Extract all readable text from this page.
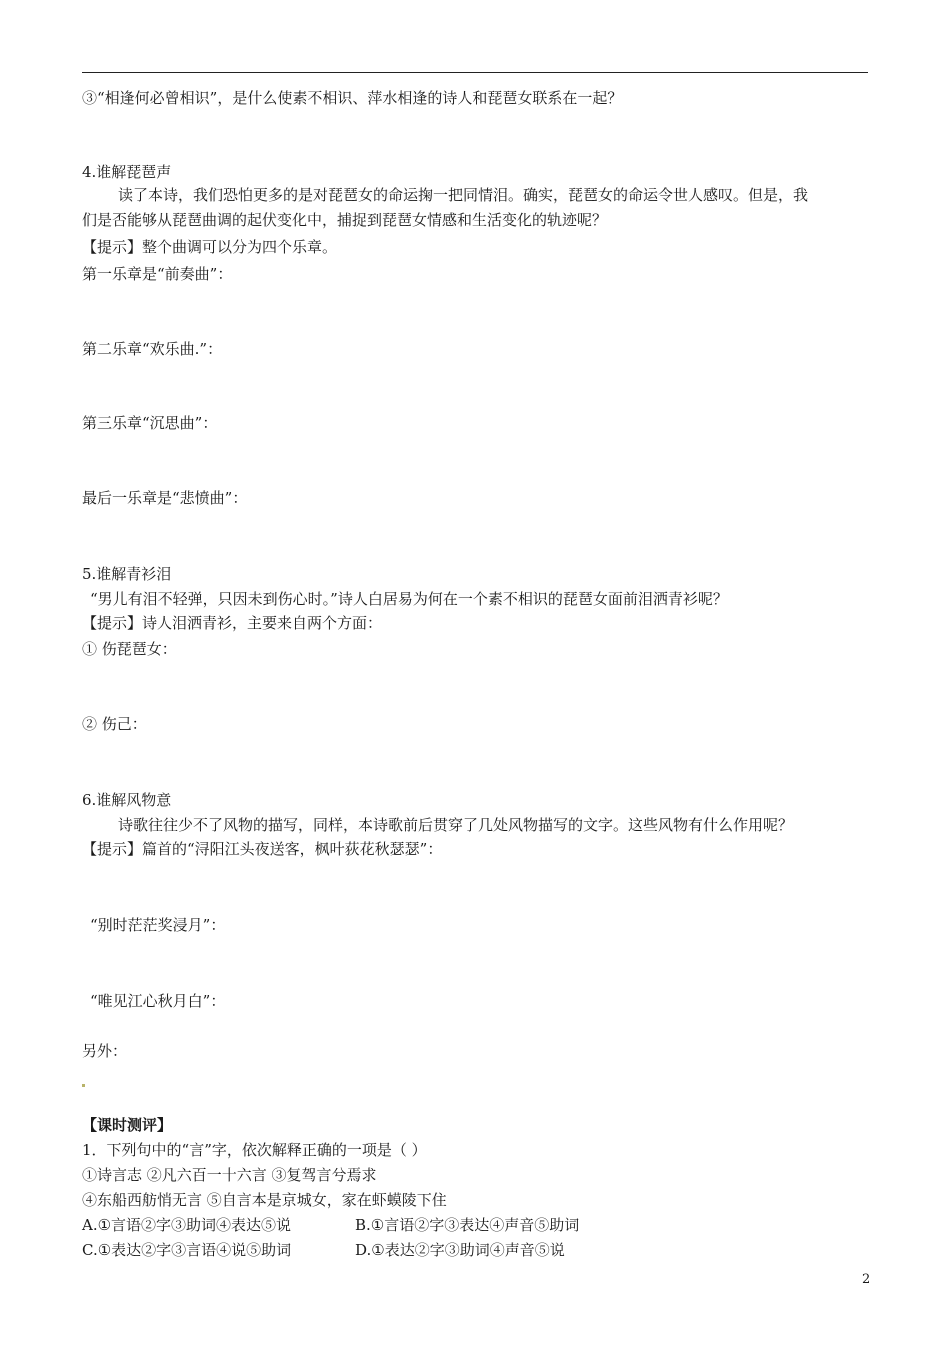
③“相逢何必曾相识”，是什么使素不相识、萍水相逢的诗人和琵琶女联系在一起？
4.谁解琵琶声
读了本诗，我们恐怕更多的是对琵琶女的命运掬一把同情泪。确实，琵琶女的命运令世人感叹。但是，我
们是否能够从琵琶曲调的起伏变化中，捕捉到琵琶女情感和生活变化的轨迹呢？
【提示】整个曲调可以分为四个乐章。
第一乐章是“前奏曲”：
第二乐章“欢乐曲.”：
第三乐章“沉思曲”：
最后一乐章是“悲愤曲”：
5.谁解青衫泪
“男儿有泪不轻弹，只因未到伤心时。”诗人白居易为何在一个素不相识的琵琶女面前泪洒青衫呢？
【提示】诗人泪洒青衫，主要来自两个方面：
① 伤琵琶女：
② 伤己：
6.谁解风物意
诗歌往往少不了风物的描写，同样，本诗歌前后贯穿了几处风物描写的文字。这些风物有什么作用呢？
【提示】篇首的“浔阳江头夜送客，枫叶荻花秋瑟瑟”：
“别时茫茫奖浸月”：
“唯见江心秋月白”：
另外：
【课时测评】
1．下列句中的“言”字，依次解释正确的一项是（ ）
①诗言志 ②凡六百一十六言 ③复驾言兮焉求
④东船西舫悄无言 ⑤自言本是京城女，家在虾蟆陵下住
A.①言语②字③助词④表达⑤说	B.①言语②字③表达④声音⑤助词
C.①表达②字③言语④说⑤助词	D.①表达②字③助词④声音⑤说
2
